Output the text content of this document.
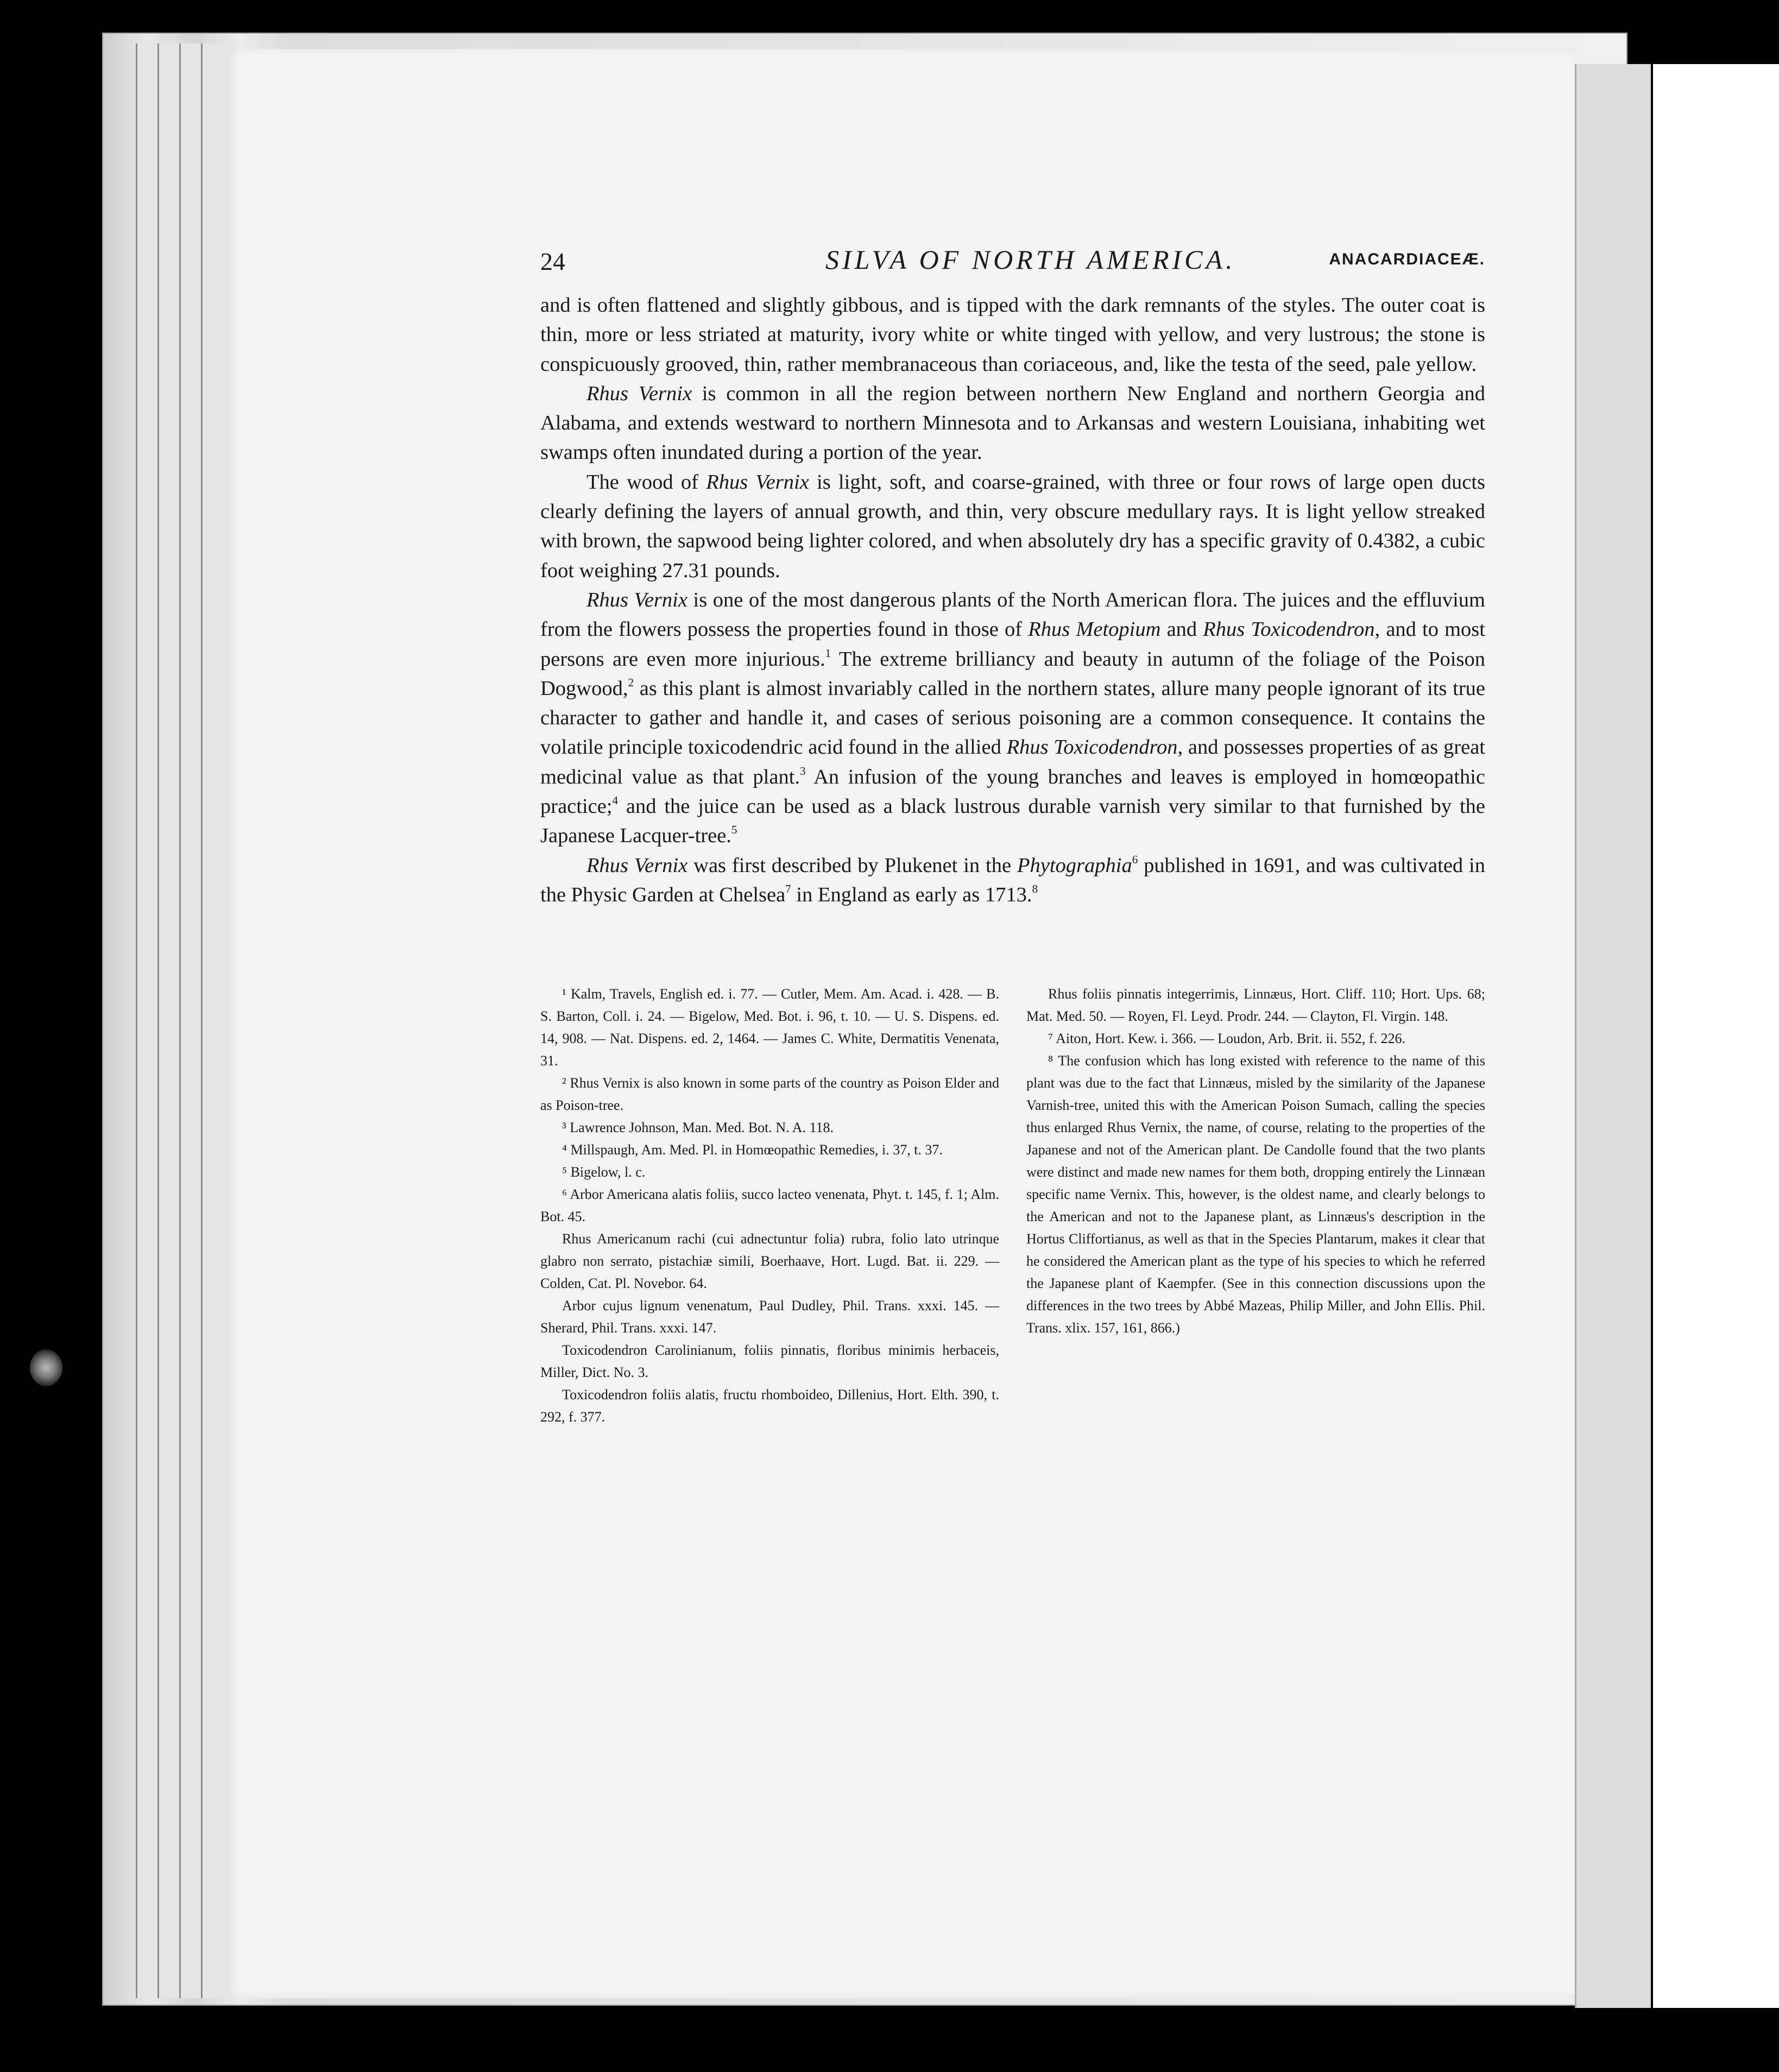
24	SILVA OF NORTH AMERICA.	ANACARDIACEÆ.

and is often flattened and slightly gibbous, and is tipped with the dark remnants of the styles. The outer coat is thin, more or less striated at maturity, ivory white or white tinged with yellow, and very lustrous; the stone is conspicuously grooved, thin, rather membranaceous than coriaceous, and, like the testa of the seed, pale yellow.

Rhus Vernix is common in all the region between northern New England and northern Georgia and Alabama, and extends westward to northern Minnesota and to Arkansas and western Louisiana, inhabiting wet swamps often inundated during a portion of the year.

The wood of Rhus Vernix is light, soft, and coarse-grained, with three or four rows of large open ducts clearly defining the layers of annual growth, and thin, very obscure medullary rays. It is light yellow streaked with brown, the sapwood being lighter colored, and when absolutely dry has a specific gravity of 0.4382, a cubic foot weighing 27.31 pounds.

Rhus Vernix is one of the most dangerous plants of the North American flora. The juices and the effluvium from the flowers possess the properties found in those of Rhus Metopium and Rhus Toxicodendron, and to most persons are even more injurious.$^1$ The extreme brilliancy and beauty in autumn of the foliage of the Poison Dogwood,$^2$ as this plant is almost invariably called in the northern states, allure many people ignorant of its true character to gather and handle it, and cases of serious poisoning are a common consequence. It contains the volatile principle toxicodendric acid found in the allied Rhus Toxicodendron, and possesses properties of as great medicinal value as that plant.$^3$ An infusion of the young branches and leaves is employed in homœopathic practice;$^4$ and the juice can be used as a black lustrous durable varnish very similar to that furnished by the Japanese Lacquer-tree.$^5$

Rhus Vernix was first described by Plukenet in the Phytographia$^6$ published in 1691, and was cultivated in the Physic Garden at Chelsea$^7$ in England as early as 1713.$^8$

¹ Kalm, Travels, English ed. i. 77. — Cutler, Mem. Am. Acad. i. 428. — B. S. Barton, Coll. i. 24. — Bigelow, Med. Bot. i. 96, t. 10. — U. S. Dispens. ed. 14, 908. — Nat. Dispens. ed. 2, 1464. — James C. White, Dermatitis Venenata, 31.

² Rhus Vernix is also known in some parts of the country as Poison Elder and as Poison-tree.

³ Lawrence Johnson, Man. Med. Bot. N. A. 118.

⁴ Millspaugh, Am. Med. Pl. in Homœopathic Remedies, i. 37, t. 37.

⁵ Bigelow, l. c.

⁶ Arbor Americana alatis foliis, succo lacteo venenata, Phyt. t. 145, f. 1; Alm. Bot. 45.

Rhus Americanum rachi (cui adnectuntur folia) rubra, folio lato utrinque glabro non serrato, pistachiæ simili, Boerhaave, Hort. Lugd. Bat. ii. 229. — Colden, Cat. Pl. Novebor. 64.

Arbor cujus lignum venenatum, Paul Dudley, Phil. Trans. xxxi. 145. — Sherard, Phil. Trans. xxxi. 147.

Toxicodendron Carolinianum, foliis pinnatis, floribus minimis herbaceis, Miller, Dict. No. 3.

Toxicodendron foliis alatis, fructu rhomboideo, Dillenius, Hort. Elth. 390, t. 292, f. 377.

Rhus foliis pinnatis integerrimis, Linnæus, Hort. Cliff. 110; Hort. Ups. 68; Mat. Med. 50. — Royen, Fl. Leyd. Prodr. 244. — Clayton, Fl. Virgin. 148.

⁷ Aiton, Hort. Kew. i. 366. — Loudon, Arb. Brit. ii. 552, f. 226.

⁸ The confusion which has long existed with reference to the name of this plant was due to the fact that Linnæus, misled by the similarity of the Japanese Varnish-tree, united this with the American Poison Sumach, calling the species thus enlarged Rhus Vernix, the name, of course, relating to the properties of the Japanese and not of the American plant. De Candolle found that the two plants were distinct and made new names for them both, dropping entirely the Linnæan specific name Vernix. This, however, is the oldest name, and clearly belongs to the American and not to the Japanese plant, as Linnæus's description in the Hortus Cliffortianus, as well as that in the Species Plantarum, makes it clear that he considered the American plant as the type of his species to which he referred the Japanese plant of Kaempfer. (See in this connection discussions upon the differences in the two trees by Abbé Mazeas, Philip Miller, and John Ellis. Phil. Trans. xlix. 157, 161, 866.)
